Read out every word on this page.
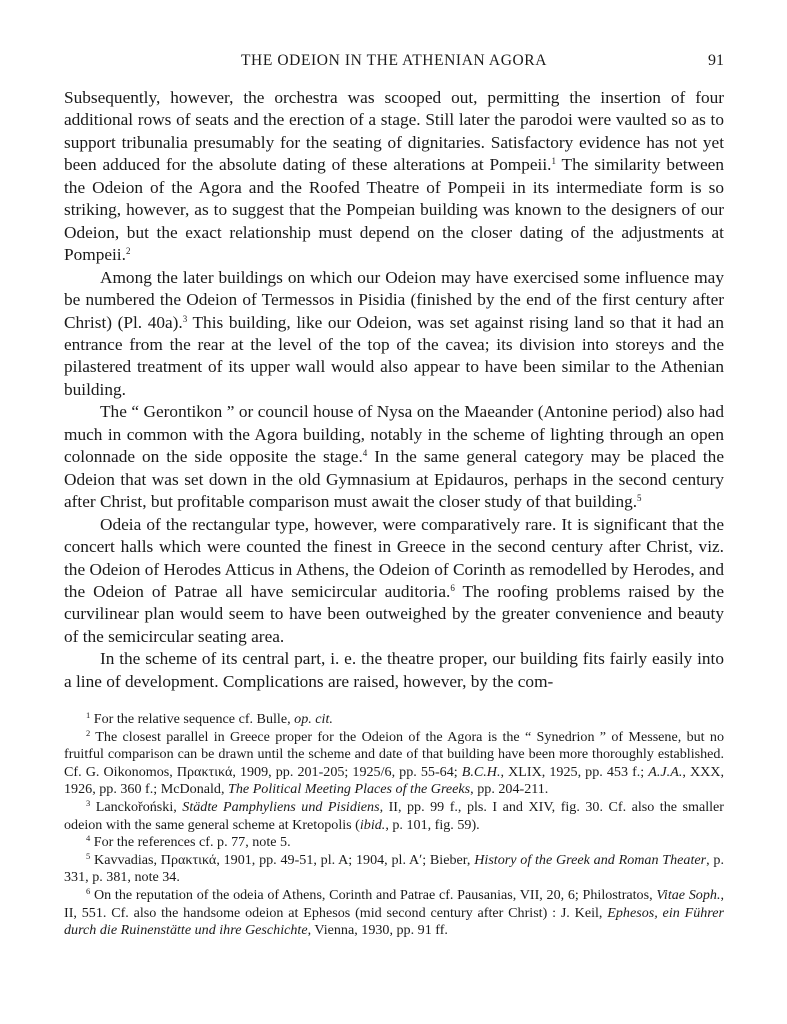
THE ODEION IN THE ATHENIAN AGORA	91

Subsequently, however, the orchestra was scooped out, permitting the insertion of four additional rows of seats and the erection of a stage. Still later the parodoi were vaulted so as to support tribunalia presumably for the seating of dignitaries. Satisfactory evidence has not yet been adduced for the absolute dating of these alterations at Pompeii.$^1$ The similarity between the Odeion of the Agora and the Roofed Theatre of Pompeii in its intermediate form is so striking, however, as to suggest that the Pompeian building was known to the designers of our Odeion, but the exact relationship must depend on the closer dating of the adjustments at Pompeii.$^2$

Among the later buildings on which our Odeion may have exercised some influence may be numbered the Odeion of Termessos in Pisidia (finished by the end of the first century after Christ) (Pl. 40a).$^3$ This building, like our Odeion, was set against rising land so that it had an entrance from the rear at the level of the top of the cavea; its division into storeys and the pilastered treatment of its upper wall would also appear to have been similar to the Athenian building.

The “ Gerontikon ” or council house of Nysa on the Maeander (Antonine period) also had much in common with the Agora building, notably in the scheme of lighting through an open colonnade on the side opposite the stage.$^4$ In the same general category may be placed the Odeion that was set down in the old Gymnasium at Epidauros, perhaps in the second century after Christ, but profitable comparison must await the closer study of that building.$^5$

Odeia of the rectangular type, however, were comparatively rare. It is significant that the concert halls which were counted the finest in Greece in the second century after Christ, viz. the Odeion of Herodes Atticus in Athens, the Odeion of Corinth as remodelled by Herodes, and the Odeion of Patrae all have semicircular auditoria.$^6$ The roofing problems raised by the curvilinear plan would seem to have been outweighed by the greater convenience and beauty of the semicircular seating area.

In the scheme of its central part, i. e. the theatre proper, our building fits fairly easily into a line of development. Complications are raised, however, by the com-

$^1$ For the relative sequence cf. Bulle, op. cit.

$^2$ The closest parallel in Greece proper for the Odeion of the Agora is the “ Synedrion ” of Messene, but no fruitful comparison can be drawn until the scheme and date of that building have been more thoroughly established. Cf. G. Oikonomos, Πρακτικά, 1909, pp. 201-205; 1925/6, pp. 55-64; B.C.H., XLIX, 1925, pp. 453 f.; A.J.A., XXX, 1926, pp. 360 f.; McDonald, The Political Meeting Places of the Greeks, pp. 204-211.

$^3$ Lanckořoński, Städte Pamphyliens und Pisidiens, II, pp. 99 f., pls. I and XIV, fig. 30. Cf. also the smaller odeion with the same general scheme at Kretopolis (ibid., p. 101, fig. 59).

$^4$ For the references cf. p. 77, note 5.

$^5$ Kavvadias, Πρακτικά, 1901, pp. 49-51, pl. A; 1904, pl. Aʹ; Bieber, History of the Greek and Roman Theater, p. 331, p. 381, note 34.

$^6$ On the reputation of the odeia of Athens, Corinth and Patrae cf. Pausanias, VII, 20, 6; Philostratos, Vitae Soph., II, 551. Cf. also the handsome odeion at Ephesos (mid second century after Christ) : J. Keil, Ephesos, ein Führer durch die Ruinenstätte und ihre Geschichte, Vienna, 1930, pp. 91 ff.
